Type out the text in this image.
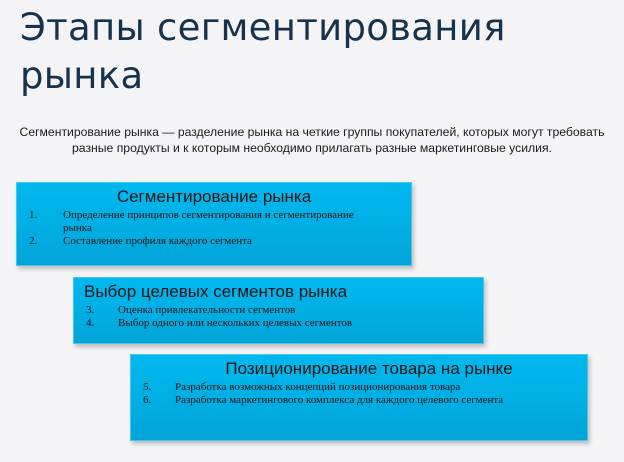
Этапы сегментирования рынка

Сегментирование рынка — разделение рынка на четкие группы покупателей, которых могут требовать разные продукты и к которым необходимо прилагать разные маркетинговые усилия.

Сегментирование рынка
1.	Определение принципов сегментирования и сегментирование рынка
2.	Составление профиля каждого сегмента
Выбор целевых сегментов рынка
3.	Оценка привлекательности сегментов
4.	Выбор одного или нескольких целевых сегментов
Позиционирование товара на рынке
5.	Разработка возможных концепций позиционирования товара
6.	Разработка маркетингового комплекса для каждого целевого сегмента
